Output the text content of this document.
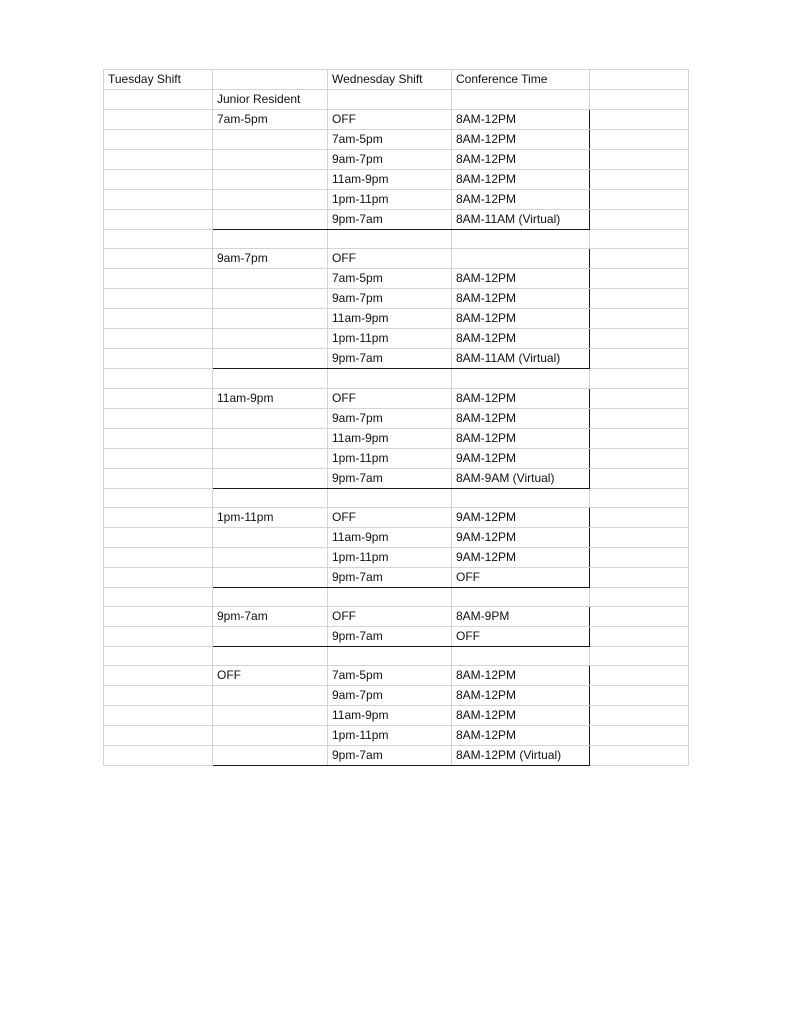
Tuesday Shift		Wednesday Shift	Conference Time	
	Junior Resident			
	7am-5pm	OFF	8AM-12PM	
		7am-5pm	8AM-12PM	
		9am-7pm	8AM-12PM	
		11am-9pm	8AM-12PM	
		1pm-11pm	8AM-12PM	
		9pm-7am	8AM-11AM (Virtual)	

	9am-7pm	OFF		
		7am-5pm	8AM-12PM	
		9am-7pm	8AM-12PM	
		11am-9pm	8AM-12PM	
		1pm-11pm	8AM-12PM	
		9pm-7am	8AM-11AM (Virtual)	

	11am-9pm	OFF	8AM-12PM	
		9am-7pm	8AM-12PM	
		11am-9pm	8AM-12PM	
		1pm-11pm	9AM-12PM	
		9pm-7am	8AM-9AM (Virtual)	

	1pm-11pm	OFF	9AM-12PM	
		11am-9pm	9AM-12PM	
		1pm-11pm	9AM-12PM	
		9pm-7am	OFF	

	9pm-7am	OFF	8AM-9PM	
		9pm-7am	OFF	

	OFF	7am-5pm	8AM-12PM	
		9am-7pm	8AM-12PM	
		11am-9pm	8AM-12PM	
		1pm-11pm	8AM-12PM	
		9pm-7am	8AM-12PM (Virtual)	
